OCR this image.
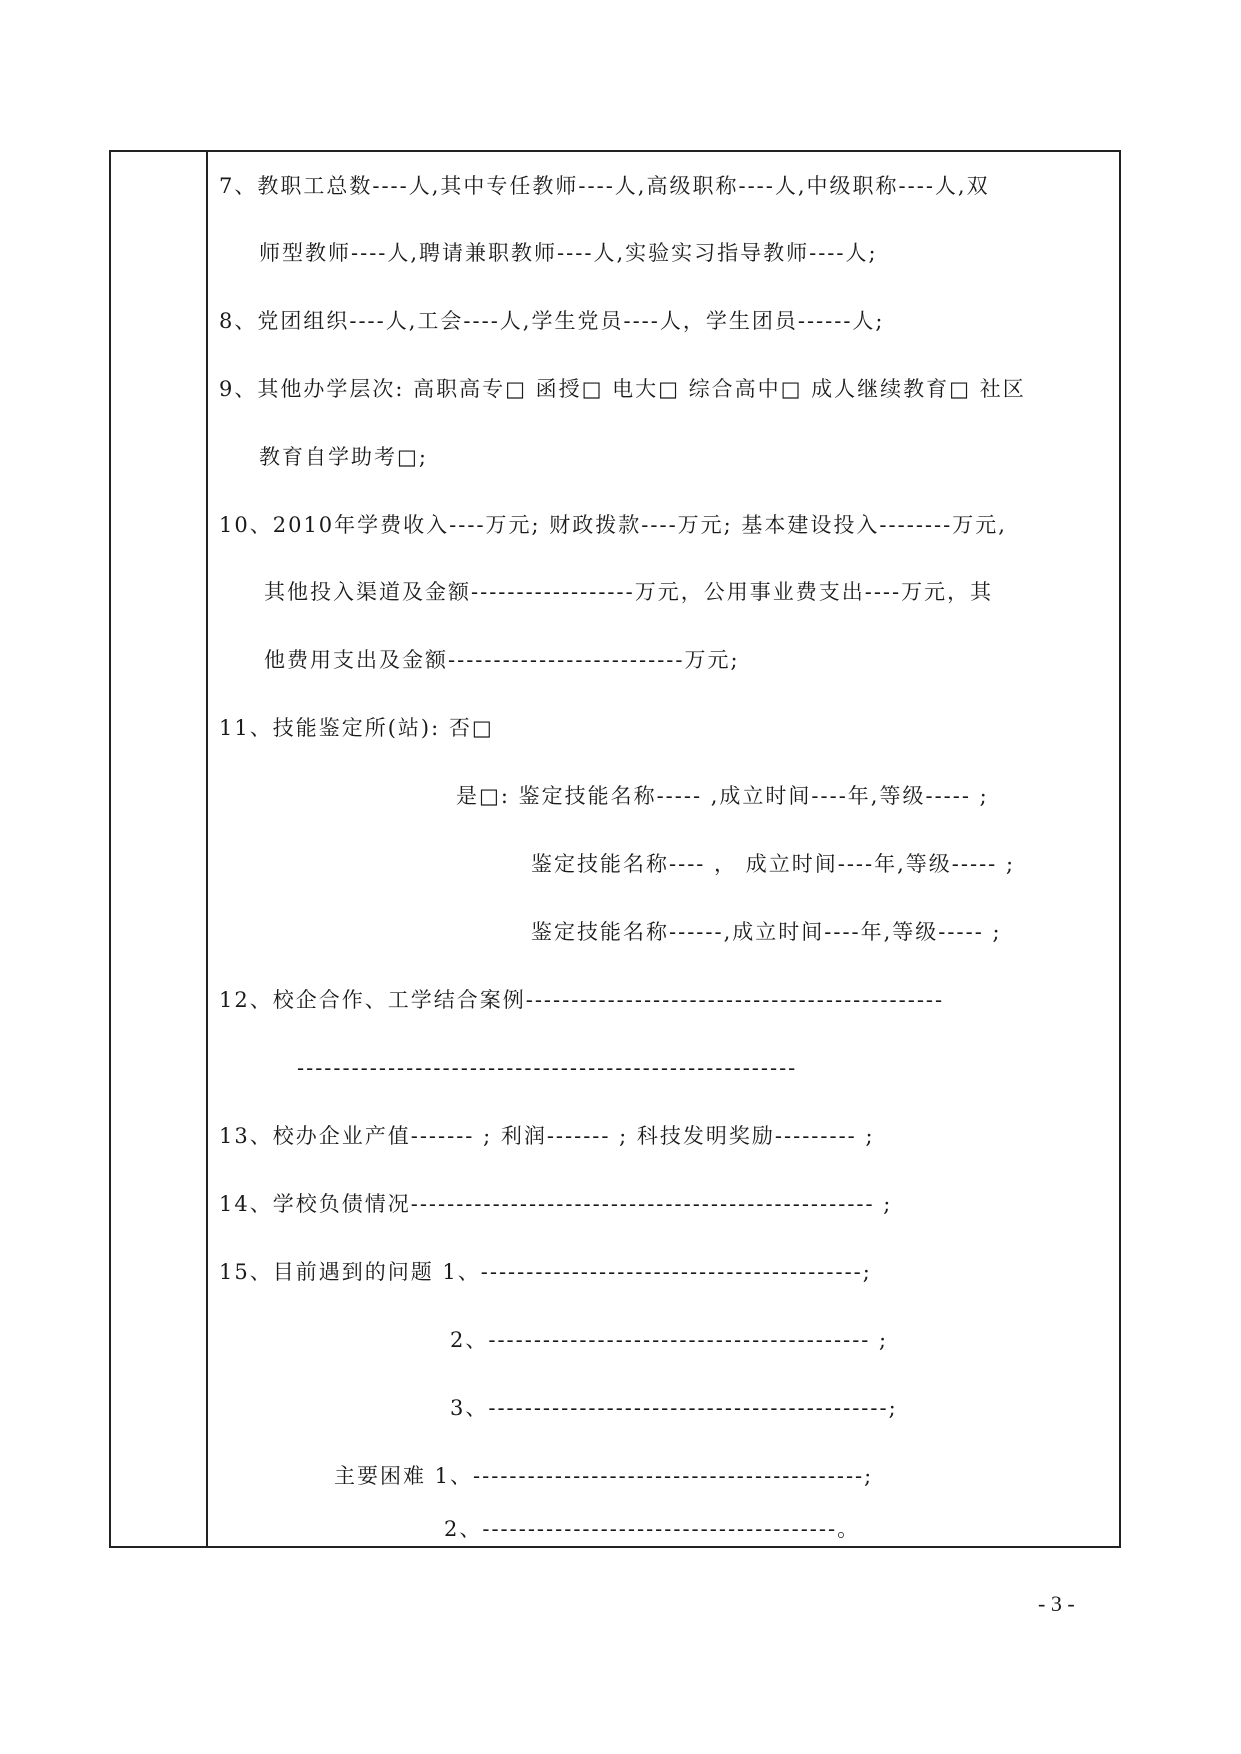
7、教职工总数----人,其中专任教师----人,高级职称----人,中级职称----人,双
师型教师----人,聘请兼职教师----人,实验实习指导教师----人;
8、党团组织----人,工会----人,学生党员----人，学生团员------人;
9、其他办学层次: 高职高专□ 函授□ 电大□ 综合高中□ 成人继续教育□ 社区
教育自学助考□;
10、2010年学费收入----万元; 财政拨款----万元; 基本建设投入--------万元,
其他投入渠道及金额------------------万元，公用事业费支出----万元，其
他费用支出及金额--------------------------万元;
11、技能鉴定所(站): 否□
是□: 鉴定技能名称----- ,成立时间----年,等级----- ;
鉴定技能名称---- ， 成立时间----年,等级----- ;
鉴定技能名称------,成立时间----年,等级----- ;
12、校企合作、工学结合案例----------------------------------------------
-------------------------------------------------------
13、校办企业产值------- ; 利润------- ; 科技发明奖励--------- ;
14、学校负债情况--------------------------------------------------- ;
15、目前遇到的问题 1、------------------------------------------;
2、------------------------------------------ ;
3、--------------------------------------------;
主要困难 1、-------------------------------------------;
2、---------------------------------------。
- 3 -
